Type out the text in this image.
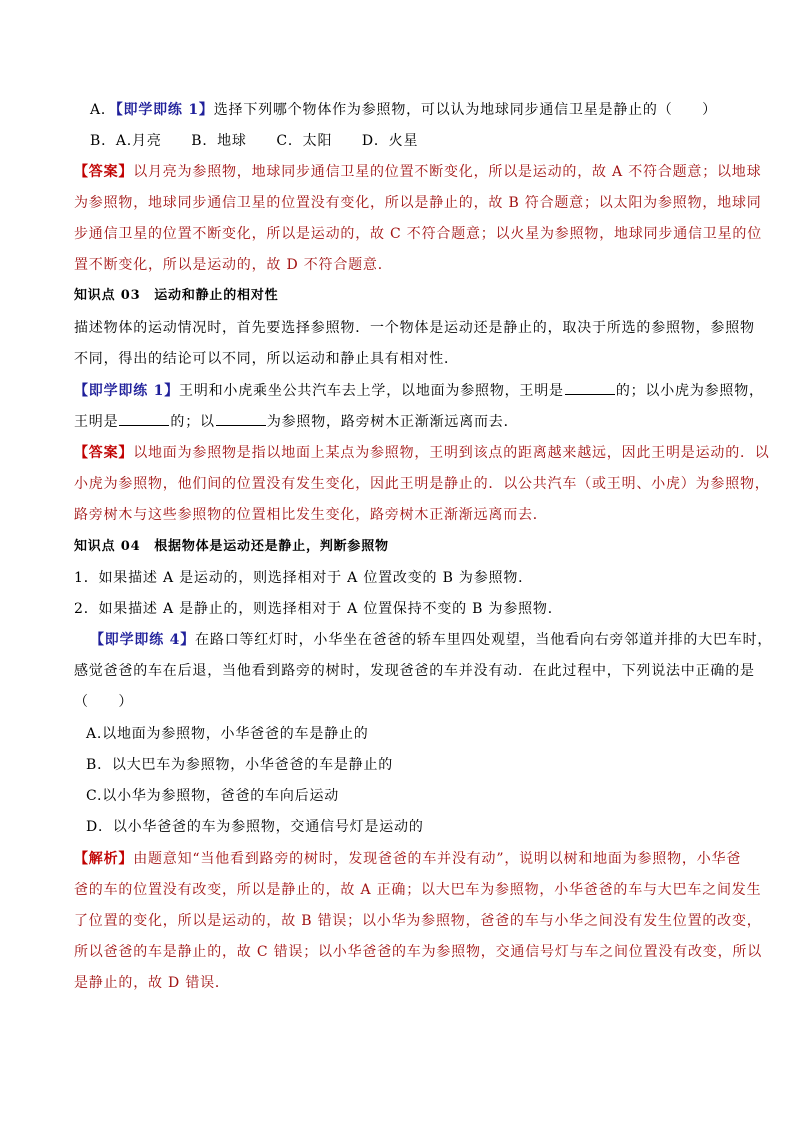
A．【即学即练 1】选择下列哪个物体作为参照物，可以认为地球同步通信卫星是静止的（　　）
B．A.月亮　　B．地球　　C．太阳　　D．火星
【答案】以月亮为参照物，地球同步通信卫星的位置不断变化，所以是运动的，故 A 不符合题意；以地球
为参照物，地球同步通信卫星的位置没有变化，所以是静止的，故 B 符合题意；以太阳为参照物，地球同
步通信卫星的位置不断变化，所以是运动的，故 C 不符合题意；以火星为参照物，地球同步通信卫星的位
置不断变化，所以是运动的，故 D 不符合题意．
知识点 03　运动和静止的相对性
描述物体的运动情况时，首先要选择参照物．一个物体是运动还是静止的，取决于所选的参照物，参照物
不同，得出的结论可以不同，所以运动和静止具有相对性．
【即学即练 1】王明和小虎乘坐公共汽车去上学，以地面为参照物，王明是	的；以小虎为参照物，
王明是	的；以	为参照物，路旁树木正渐渐远离而去．
【答案】以地面为参照物是指以地面上某点为参照物，王明到该点的距离越来越远，因此王明是运动的．以
小虎为参照物，他们间的位置没有发生变化，因此王明是静止的．以公共汽车（或王明、小虎）为参照物，
路旁树木与这些参照物的位置相比发生变化，路旁树木正渐渐远离而去．
知识点 04　根据物体是运动还是静止，判断参照物
1．如果描述 A 是运动的，则选择相对于 A 位置改变的 B 为参照物．
2．如果描述 A 是静止的，则选择相对于 A 位置保持不变的 B 为参照物．
【即学即练 4】在路口等红灯时，小华坐在爸爸的轿车里四处观望，当他看向右旁邻道并排的大巴车时，
感觉爸爸的车在后退，当他看到路旁的树时，发现爸爸的车并没有动．在此过程中，下列说法中正确的是
（　　）
A.以地面为参照物，小华爸爸的车是静止的
B．以大巴车为参照物，小华爸爸的车是静止的
C.以小华为参照物，爸爸的车向后运动
D．以小华爸爸的车为参照物，交通信号灯是运动的
【解析】由题意知“当他看到路旁的树时，发现爸爸的车并没有动”，说明以树和地面为参照物，小华爸
爸的车的位置没有改变，所以是静止的，故 A 正确；以大巴车为参照物，小华爸爸的车与大巴车之间发生
了位置的变化，所以是运动的，故 B 错误；以小华为参照物，爸爸的车与小华之间没有发生位置的改变，
所以爸爸的车是静止的，故 C 错误；以小华爸爸的车为参照物，交通信号灯与车之间位置没有改变，所以
是静止的，故 D 错误．
